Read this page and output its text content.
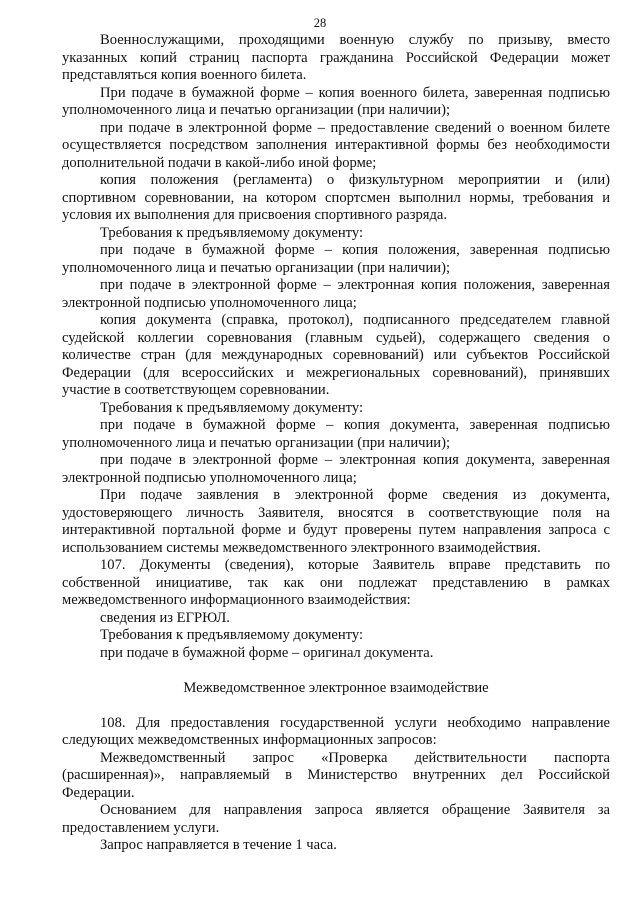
28

Военнослужащими, проходящими военную службу по призыву, вместо указанных копий страниц паспорта гражданина Российской Федерации может представляться копия военного билета.

При подаче в бумажной форме – копия военного билета, заверенная подписью уполномоченного лица и печатью организации (при наличии);

при подаче в электронной форме – предоставление сведений о военном билете осуществляется посредством заполнения интерактивной формы без необходимости дополнительной подачи в какой-либо иной форме;

копия положения (регламента) о физкультурном мероприятии и (или) спортивном соревновании, на котором спортсмен выполнил нормы, требования и условия их выполнения для присвоения спортивного разряда.

Требования к предъявляемому документу:

при подаче в бумажной форме – копия положения, заверенная подписью уполномоченного лица и печатью организации (при наличии);

при подаче в электронной форме – электронная копия положения, заверенная электронной подписью уполномоченного лица;

копия документа (справка, протокол), подписанного председателем главной судейской коллегии соревнования (главным судьей), содержащего сведения о количестве стран (для международных соревнований) или субъектов Российской Федерации (для всероссийских и межрегиональных соревнований), принявших участие в соответствующем соревновании.

Требования к предъявляемому документу:

при подаче в бумажной форме – копия документа, заверенная подписью уполномоченного лица и печатью организации (при наличии);

при подаче в электронной форме – электронная копия документа, заверенная электронной подписью уполномоченного лица;

При подаче заявления в электронной форме сведения из документа, удостоверяющего личность Заявителя, вносятся в соответствующие поля на интерактивной портальной форме и будут проверены путем направления запроса с использованием системы межведомственного электронного взаимодействия.

107. Документы (сведения), которые Заявитель вправе представить по собственной инициативе, так как они подлежат представлению в рамках межведомственного информационного взаимодействия:

сведения из ЕГРЮЛ.

Требования к предъявляемому документу:

при подаче в бумажной форме – оригинал документа.

Межведомственное электронное взаимодействие

108. Для предоставления государственной услуги необходимо направление следующих межведомственных информационных запросов:

Межведомственный запрос «Проверка действительности паспорта (расширенная)», направляемый в Министерство внутренних дел Российской Федерации.

Основанием для направления запроса является обращение Заявителя за предоставлением услуги.

Запрос направляется в течение 1 часа.
